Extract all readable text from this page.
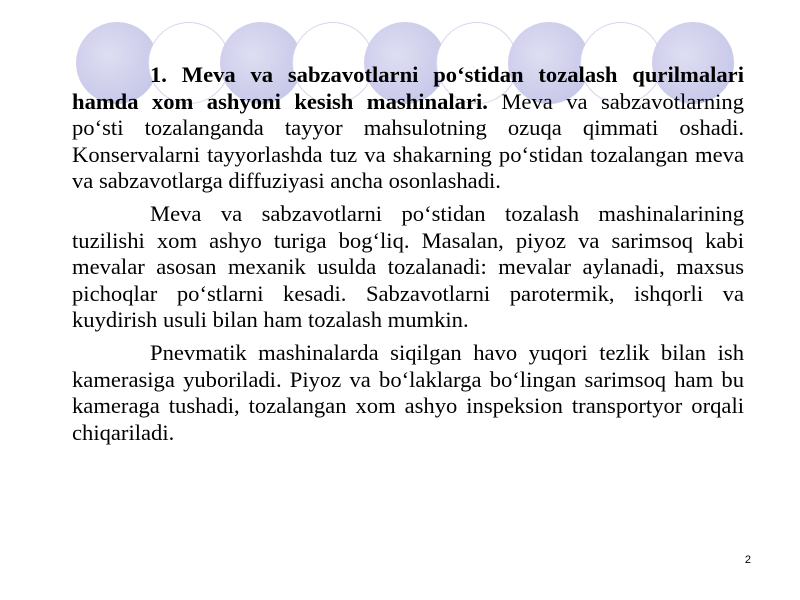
1. Meva va sabzavotlarni po‘stidan tozalash qurilmalari hamda xom ashyoni kesish mashinalari. Meva va sabzavotlarning po‘sti tozalanganda tayyor mahsulotning ozuqa qimmati oshadi. Konservalarni tayyorlashda tuz va shakarning po‘stidan tozalangan meva va sabzavotlarga diffuziyasi ancha osonlashadi.

Meva va sabzavotlarni po‘stidan tozalash mashinalarining tuzilishi xom ashyo turiga bog‘liq. Masalan, piyoz va sarimsoq kabi mevalar asosan mexanik usulda tozalanadi: mevalar aylanadi, maxsus pichoqlar po‘stlarni kesadi. Sabzavotlarni parotermik, ishqorli va kuydirish usuli bilan ham tozalash mumkin.

Pnevmatik mashinalarda siqilgan havo yuqori tezlik bilan ish kamerasiga yuboriladi. Piyoz va bo‘laklarga bo‘lingan sarimsoq ham bu kameraga tushadi, tozalangan xom ashyo inspeksion transportyor orqali chiqariladi.

2
